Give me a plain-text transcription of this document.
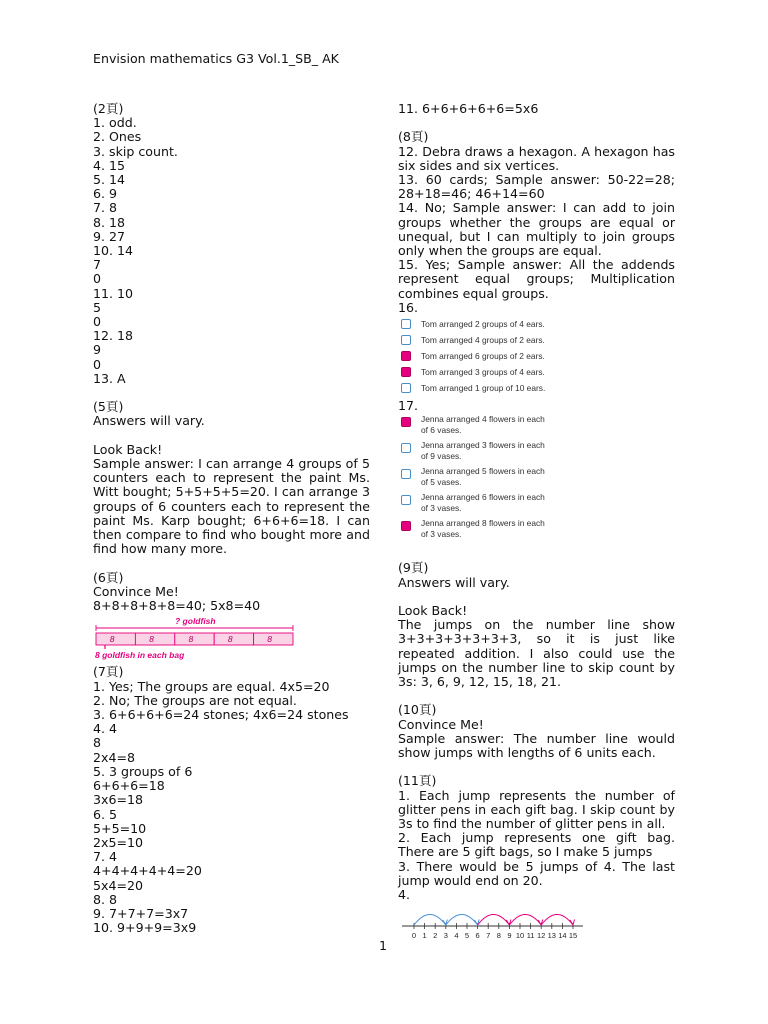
Envision mathematics G3 Vol.1_SB_ AK
(2頁)
1. odd.
2. Ones
3. skip count.
4. 15
5. 14
6. 9
7. 8
8. 18
9. 27
10. 14
7
0
11. 10
5
0
12. 18
9
0
13. A
(5頁)
Answers will vary.
Look Back!
Sample answer: I can arrange 4 groups of 5 counters each to represent the paint Ms. Witt bought; 5+5+5+5=20. I can arrange 3 groups of 6 counters each to represent the paint Ms. Karp bought; 6+6+6=18. I can then compare to find who bought more and find how many more.
(6頁)
Convince Me!
8+8+8+8+8=40; 5x8=40
? goldfish
8	8	8	8	8
8 goldfish in each bag
(7頁)
1. Yes; The groups are equal. 4x5=20
2. No; The groups are not equal.
3. 6+6+6+6=24 stones; 4x6=24 stones
4. 4
8
2x4=8
5. 3 groups of 6
6+6+6=18
3x6=18
6. 5
5+5=10
2x5=10
7. 4
4+4+4+4+4=20
5x4=20
8. 8
9. 7+7+7=3x7
10. 9+9+9=3x9
11. 6+6+6+6+6=5x6
(8頁)
12. Debra draws a hexagon. A hexagon has six sides and six vertices.
13. 60 cards; Sample answer: 50-22=28; 28+18=46; 46+14=60
14. No; Sample answer: I can add to join groups whether the groups are equal or unequal, but I can multiply to join groups only when the groups are equal.
15. Yes; Sample answer: All the addends represent equal groups; Multiplication combines equal groups.
16.
Tom arranged 2 groups of 4 ears.
Tom arranged 4 groups of 2 ears.
Tom arranged 6 groups of 2 ears.
Tom arranged 3 groups of 4 ears.
Tom arranged 1 group of 10 ears.
17.
Jenna arranged 4 flowers in each
of 6 vases.
Jenna arranged 3 flowers in each
of 9 vases.
Jenna arranged 5 flowers in each
of 5 vases.
Jenna arranged 6 flowers in each
of 3 vases.
Jenna arranged 8 flowers in each
of 3 vases.
(9頁)
Answers will vary.
Look Back!
The jumps on the number line show 3+3+3+3+3+3+3, so it is just like repeated addition. I also could use the jumps on the number line to skip count by 3s: 3, 6, 9, 12, 15, 18, 21.
(10頁)
Convince Me!
Sample answer: The number line would show jumps with lengths of 6 units each.
(11頁)
1. Each jump represents the number of glitter pens in each gift bag. I skip count by 3s to find the number of glitter pens in all.
2. Each jump represents one gift bag. There are 5 gift bags, so I make 5 jumps
3. There would be 5 jumps of 4. The last jump would end on 20.
4.
0 1 2 3 4 5 6 7 8 9 10 11 12 13 14 15
1
